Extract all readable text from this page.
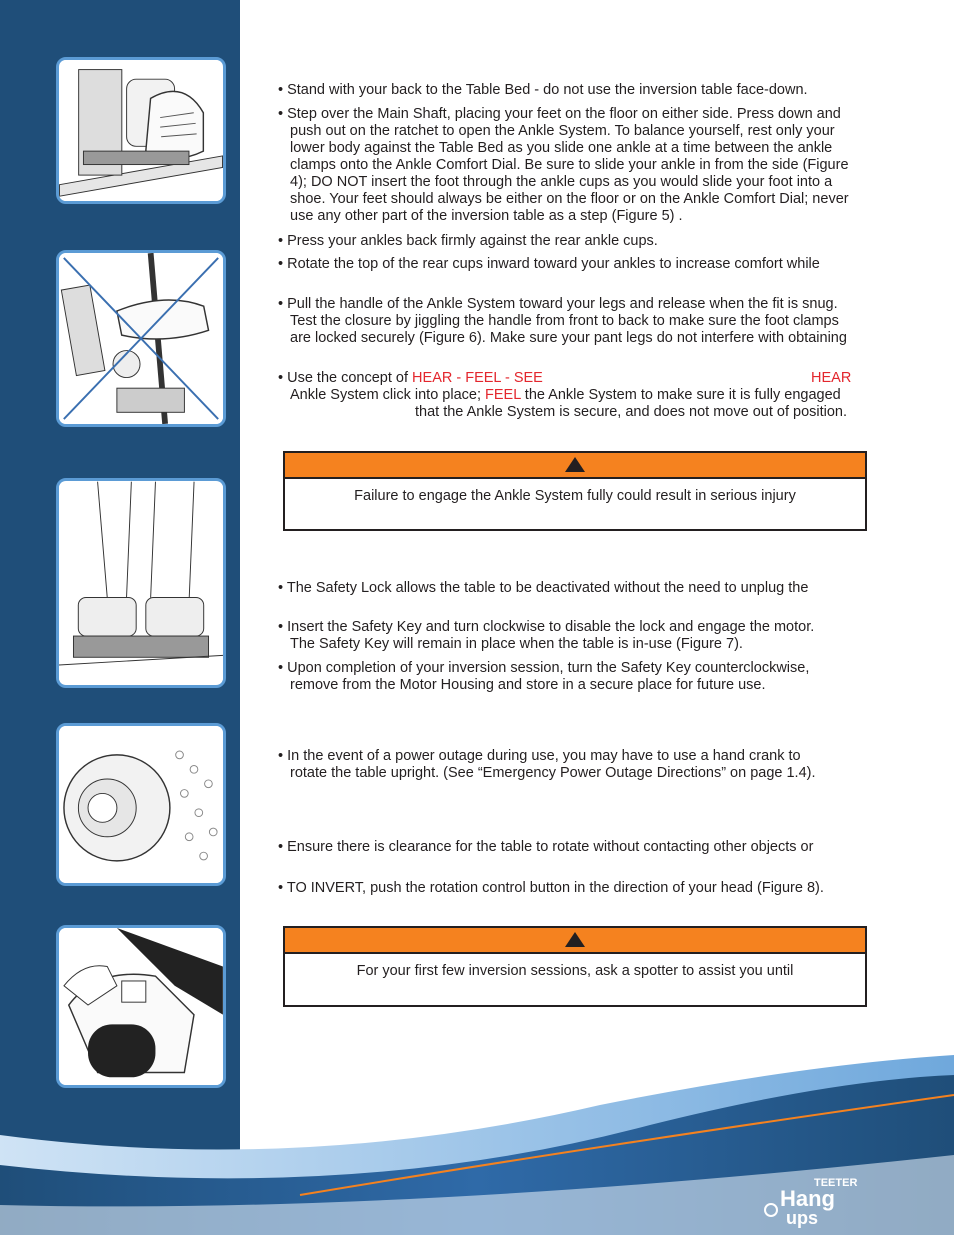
• Stand with your back to the Table Bed - do not use the inversion table face-down.

• Step over the Main Shaft, placing your feet on the floor on either side. Press down and
push out on the ratchet to open the Ankle System. To balance yourself, rest only your
lower body against the Table Bed as you slide one ankle at a time between the ankle
clamps onto the Ankle Comfort Dial. Be sure to slide your ankle in from the side (Figure
4); DO NOT insert the foot through the ankle cups as you would slide your foot into a
shoe. Your feet should always be either on the floor or on the Ankle Comfort Dial; never
use any other part of the inversion table as a step (Figure 5) .

• Press your ankles back firmly against the rear ankle cups.

• Rotate the top of the rear cups inward toward your ankles to increase comfort while

• Pull the handle of the Ankle System toward your legs and release when the fit is snug.
Test the closure by jiggling the handle from front to back to make sure the foot clamps
are locked securely (Figure 6). Make sure your pant legs do not interfere with obtaining

• Use the concept of HEAR - FEEL - SEE	HEAR
Ankle System click into place; FEEL the Ankle System to make sure it is fully engaged
that the Ankle System is secure, and does not move out of position.

Failure to engage the Ankle System fully could result in serious injury

• The Safety Lock allows the table to be deactivated without the need to unplug the

• Insert the Safety Key and turn clockwise to disable the lock and engage the motor.
The Safety Key will remain in place when the table is in-use (Figure 7).

• Upon completion of your inversion session, turn the Safety Key counterclockwise,
remove from the Motor Housing and store in a secure place for future use.

• In the event of a power outage during use, you may have to use a hand crank to
rotate the table upright. (See “Emergency Power Outage Directions” on page 1.4).

• Ensure there is clearance for the table to rotate without contacting other objects or

• TO INVERT, push the rotation control button in the direction of your head (Figure 8).

For your first few inversion sessions, ask a spotter to assist you until
TEETER
Hang
ups
